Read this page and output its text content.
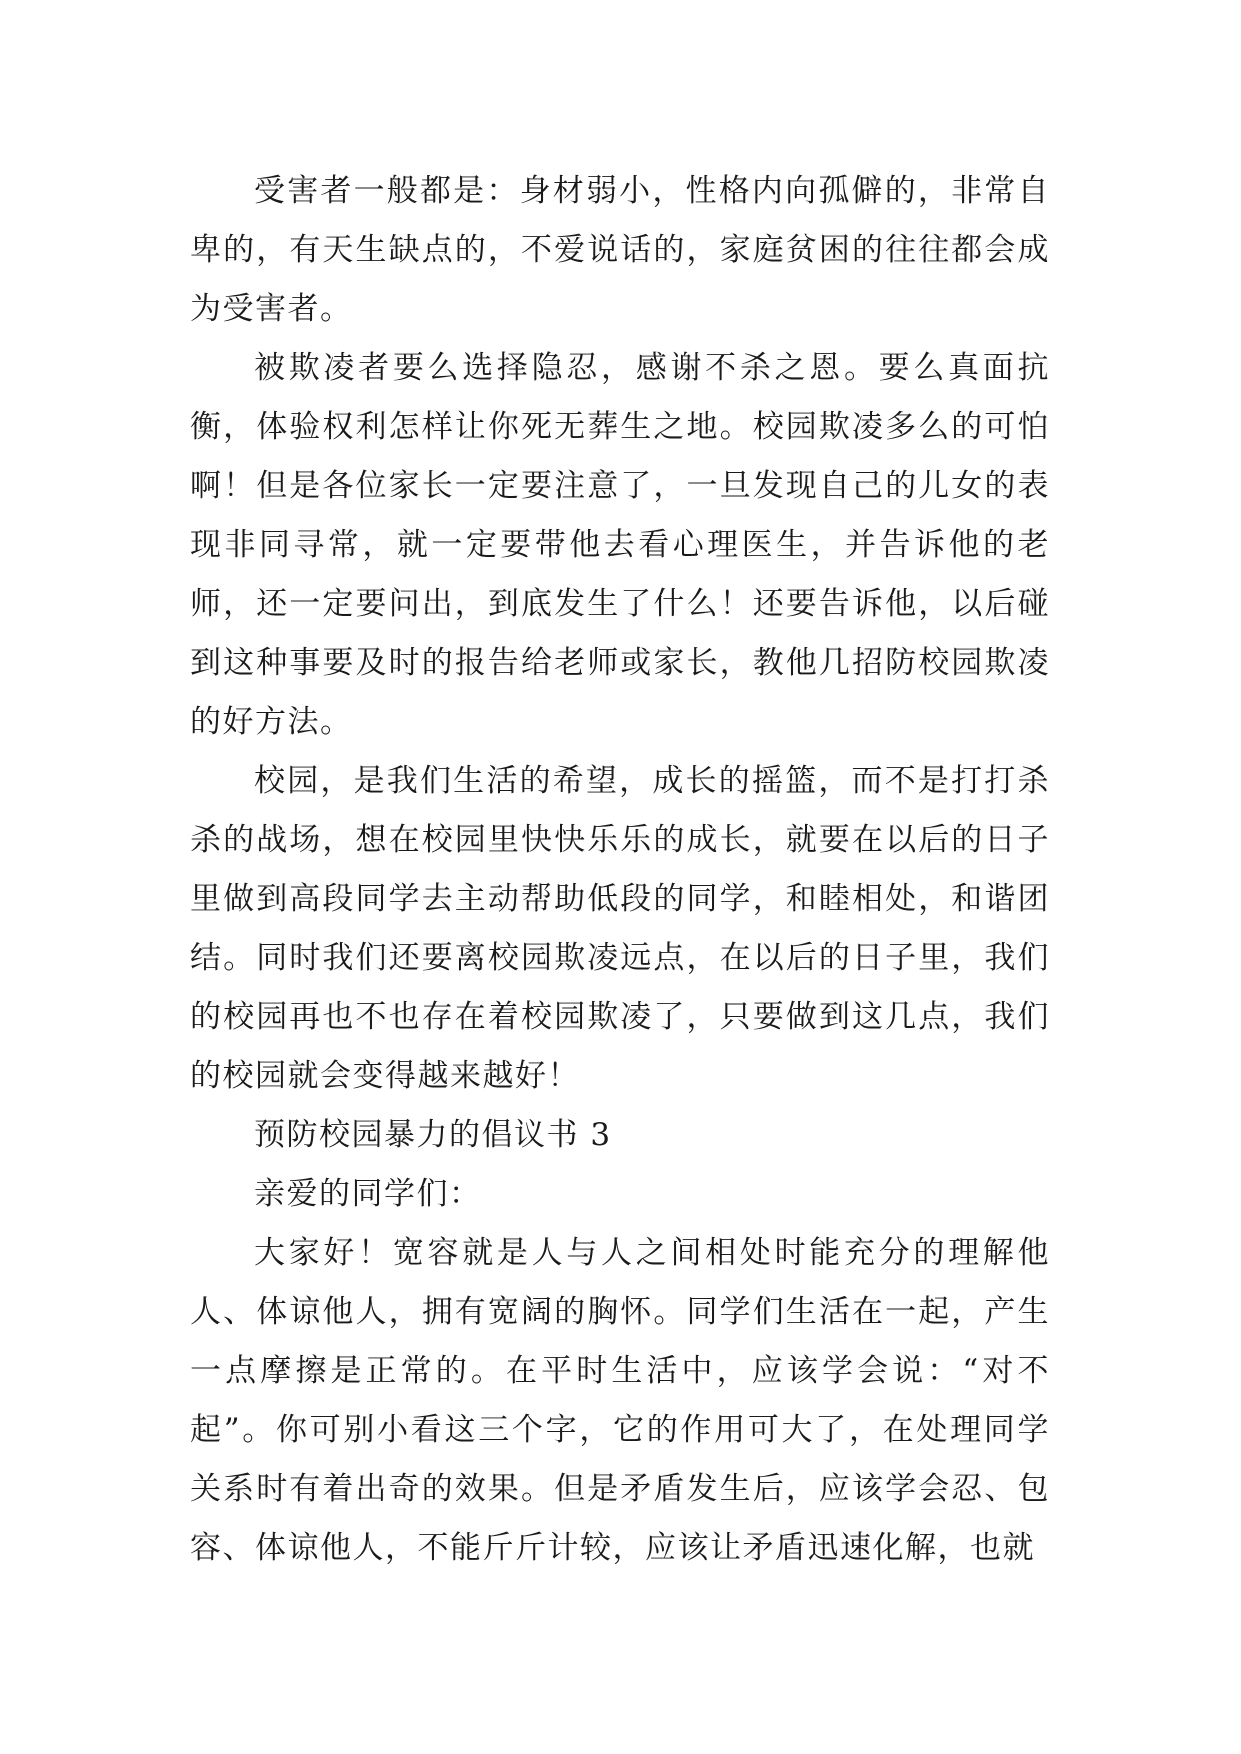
受害者一般都是：身材弱小，性格内向孤僻的，非常自卑的，有天生缺点的，不爱说话的，家庭贫困的往往都会成为受害者。

被欺凌者要么选择隐忍，感谢不杀之恩。要么真面抗衡，体验权利怎样让你死无葬生之地。校园欺凌多么的可怕啊！但是各位家长一定要注意了，一旦发现自己的儿女的表现非同寻常，就一定要带他去看心理医生，并告诉他的老师，还一定要问出，到底发生了什么！还要告诉他，以后碰到这种事要及时的报告给老师或家长，教他几招防校园欺凌的好方法。

校园，是我们生活的希望，成长的摇篮，而不是打打杀杀的战场，想在校园里快快乐乐的成长，就要在以后的日子里做到高段同学去主动帮助低段的同学，和睦相处，和谐团结。同时我们还要离校园欺凌远点，在以后的日子里，我们的校园再也不也存在着校园欺凌了，只要做到这几点，我们的校园就会变得越来越好！

预防校园暴力的倡议书 3

亲爱的同学们：

大家好！宽容就是人与人之间相处时能充分的理解他人、体谅他人，拥有宽阔的胸怀。同学们生活在一起，产生一点摩擦是正常的。在平时生活中，应该学会说：“对不起”。你可别小看这三个字，它的作用可大了，在处理同学关系时有着出奇的效果。但是矛盾发生后，应该学会忍、包容、体谅他人，不能斤斤计较，应该让矛盾迅速化解，也就
